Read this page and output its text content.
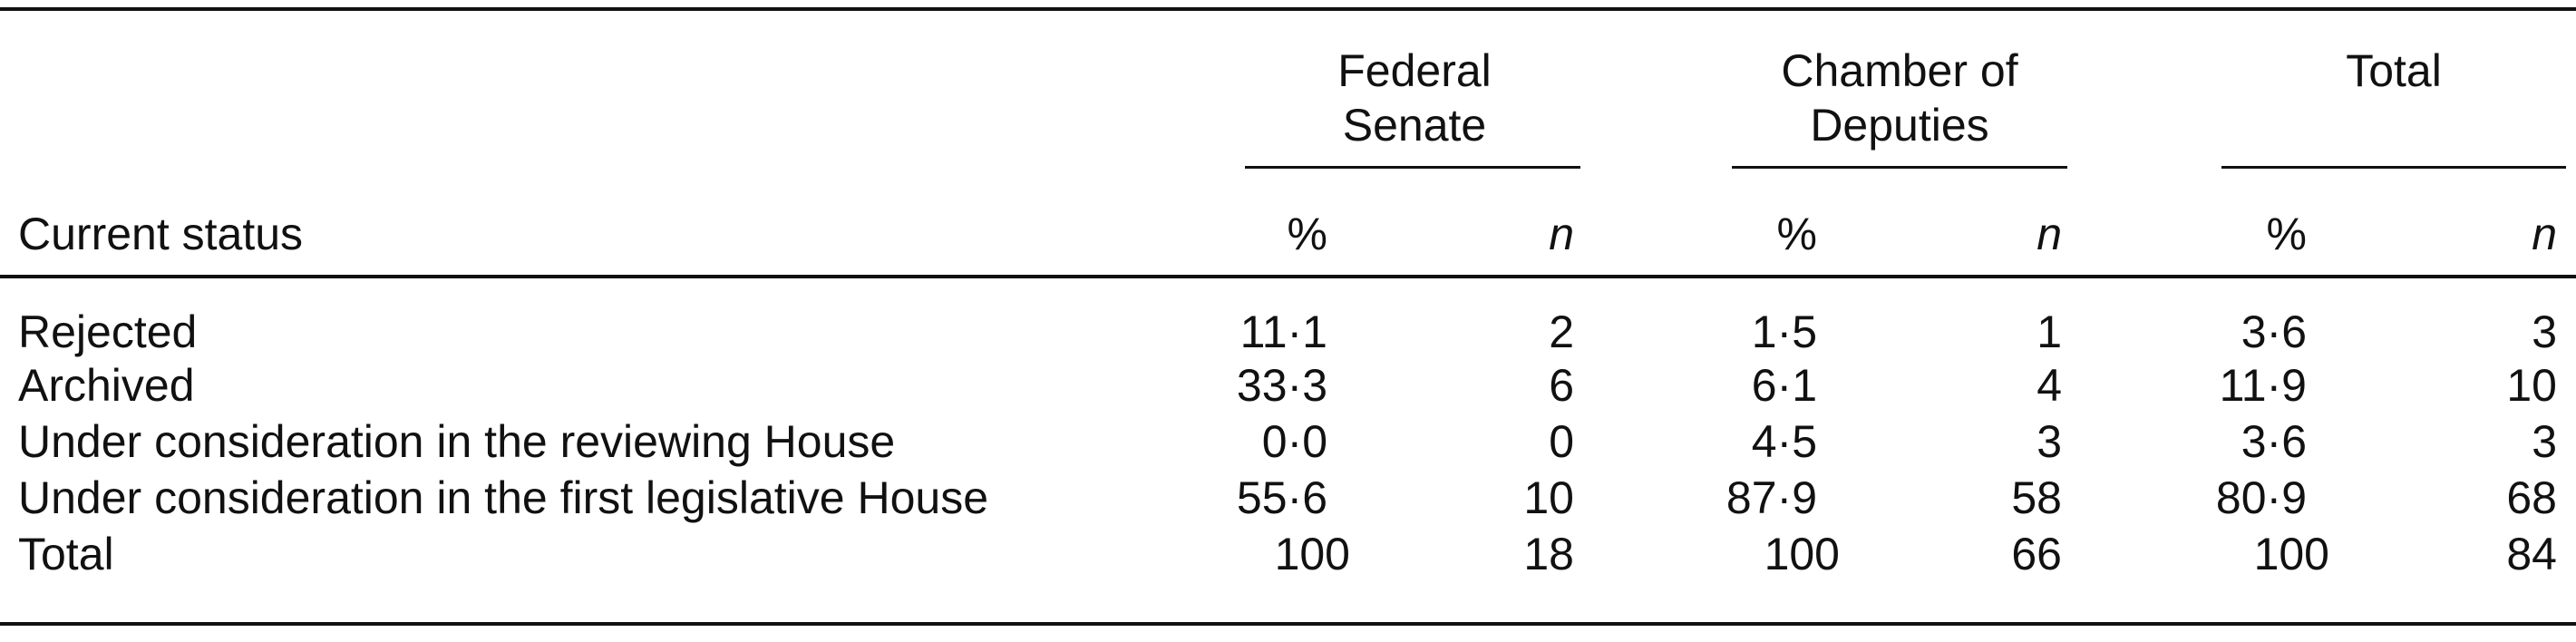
Federal
Senate
Chamber of
Deputies
Total
Current status	%	n	%	n	%	n
Rejected	11·1	2	1·5	1	3·6	3
Archived	33·3	6	6·1	4	11·9	10
Under consideration in the reviewing House	0·0	0	4·5	3	3·6	3
Under consideration in the first legislative House	55·6	10	87·9	58	80·9	68
Total	100	18	100	66	100	84
